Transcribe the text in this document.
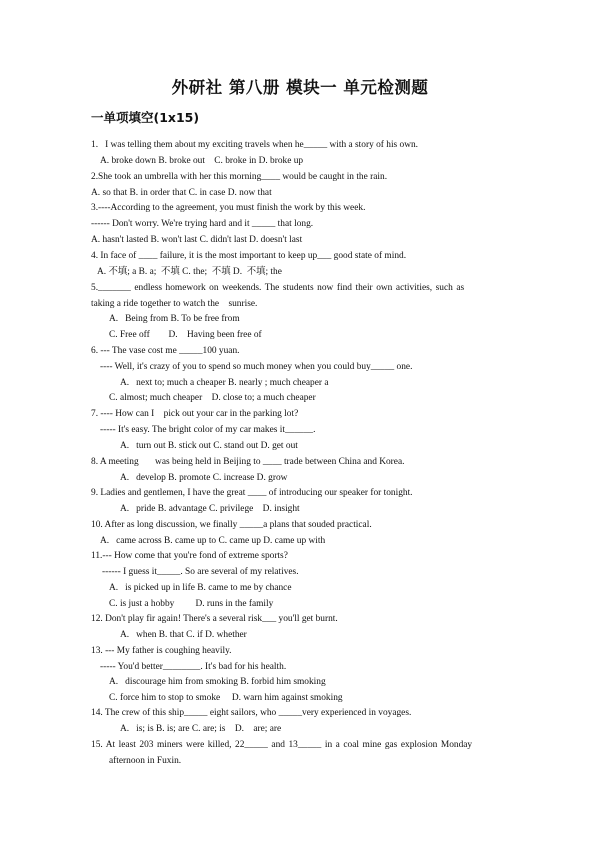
外研社 第八册 模块一 单元检测题
一单项填空(1x15)
1.   I was telling them about my exciting travels when he_____ with a story of his own.
A. broke down B. broke out    C. broke in D. broke up
2.She took an umbrella with her this morning____ would be caught in the rain.
A. so that B. in order that C. in case D. now that
3.----According to the agreement, you must finish the work by this week.
------ Don't worry. We're trying hard and it _____ that long.
A. hasn't lasted B. won't last C. didn't last D. doesn't last
4. In face of ____ failure, it is the most important to keep up___ good state of mind.
A. 不填; a B. a;  不填 C. the;  不填 D.  不填; the
5._______ endless homework on weekends. The students now find their own activities, such as
taking a ride together to watch the    sunrise.
A.   Being from B. To be free from
C. Free off        D.    Having been free of
6. --- The vase cost me _____100 yuan.
---- Well, it's crazy of you to spend so much money when you could buy_____ one.
A.   next to; much a cheaper B. nearly ; much cheaper a
C. almost; much cheaper    D. close to; a much cheaper
7. ---- How can I    pick out your car in the parking lot?
----- It's easy. The bright color of my car makes it______.
A.   turn out B. stick out C. stand out D. get out
8. A meeting       was being held in Beijing to ____ trade between China and Korea.
A.   develop B. promote C. increase D. grow
9. Ladies and gentlemen, I have the great ____ of introducing our speaker for tonight.
A.   pride B. advantage C. privilege    D. insight
10. After as long discussion, we finally _____a plans that souded practical.
A.   came across B. came up to C. came up D. came up with
11.--- How come that you're fond of extreme sports?
------ I guess it_____. So are several of my relatives.
A.   is picked up in life B. came to me by chance
C. is just a hobby         D. runs in the family
12. Don't play fir again! There's a several risk___ you'll get burnt.
A.   when B. that C. if D. whether
13. --- My father is coughing heavily.
----- You'd better________. It's bad for his health.
A.   discourage him from smoking B. forbid him smoking
C. force him to stop to smoke     D. warn him against smoking
14. The crew of this ship_____ eight sailors, who _____very experienced in voyages.
A.   is; is B. is; are C. are; is    D.    are; are
15. At least 203 miners were killed, 22_____ and 13_____ in a coal mine gas explosion Monday
afternoon in Fuxin.
